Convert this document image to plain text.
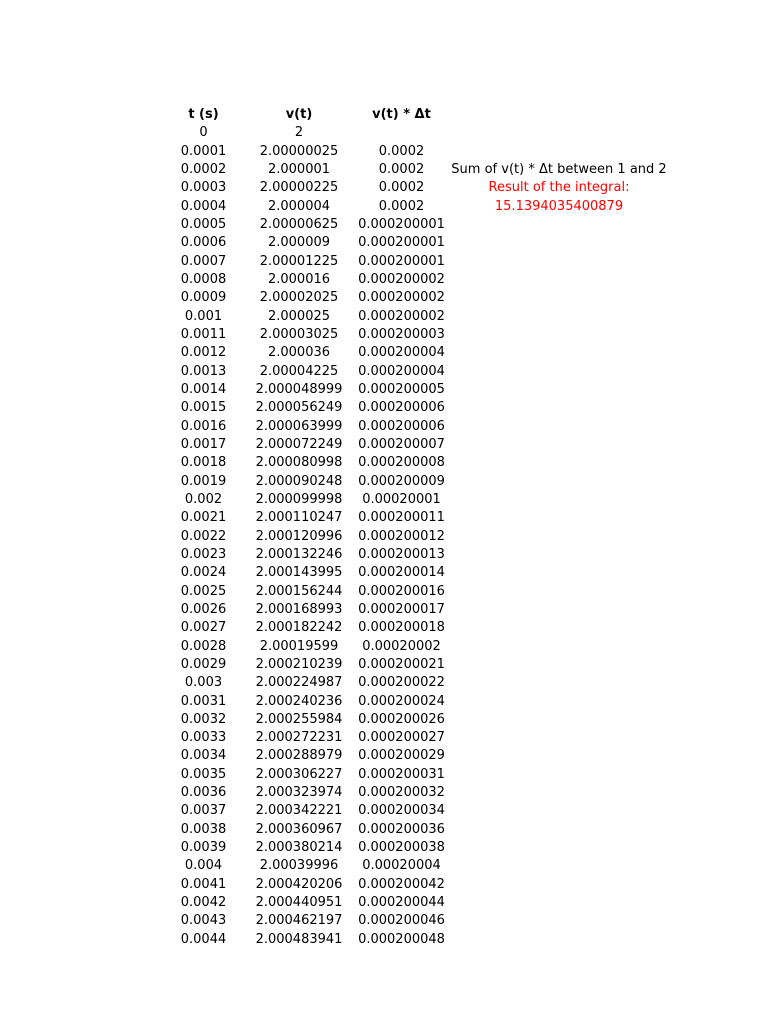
t (s)	v(t)	v(t) * Δt
0	2	
0.0001	2.00000025	0.0002
0.0002	2.000001	0.0002
0.0003	2.00000225	0.0002
0.0004	2.000004	0.0002
0.0005	2.00000625	0.000200001
0.0006	2.000009	0.000200001
0.0007	2.00001225	0.000200001
0.0008	2.000016	0.000200002
0.0009	2.00002025	0.000200002
0.001	2.000025	0.000200002
0.0011	2.00003025	0.000200003
0.0012	2.000036	0.000200004
0.0013	2.00004225	0.000200004
0.0014	2.000048999	0.000200005
0.0015	2.000056249	0.000200006
0.0016	2.000063999	0.000200006
0.0017	2.000072249	0.000200007
0.0018	2.000080998	0.000200008
0.0019	2.000090248	0.000200009
0.002	2.000099998	0.00020001
0.0021	2.000110247	0.000200011
0.0022	2.000120996	0.000200012
0.0023	2.000132246	0.000200013
0.0024	2.000143995	0.000200014
0.0025	2.000156244	0.000200016
0.0026	2.000168993	0.000200017
0.0027	2.000182242	0.000200018
0.0028	2.00019599	0.00020002
0.0029	2.000210239	0.000200021
0.003	2.000224987	0.000200022
0.0031	2.000240236	0.000200024
0.0032	2.000255984	0.000200026
0.0033	2.000272231	0.000200027
0.0034	2.000288979	0.000200029
0.0035	2.000306227	0.000200031
0.0036	2.000323974	0.000200032
0.0037	2.000342221	0.000200034
0.0038	2.000360967	0.000200036
0.0039	2.000380214	0.000200038
0.004	2.00039996	0.00020004
0.0041	2.000420206	0.000200042
0.0042	2.000440951	0.000200044
0.0043	2.000462197	0.000200046
0.0044	2.000483941	0.000200048
Sum of v(t) * Δt between 1 and 2
Result of the integral:
15.1394035400879
